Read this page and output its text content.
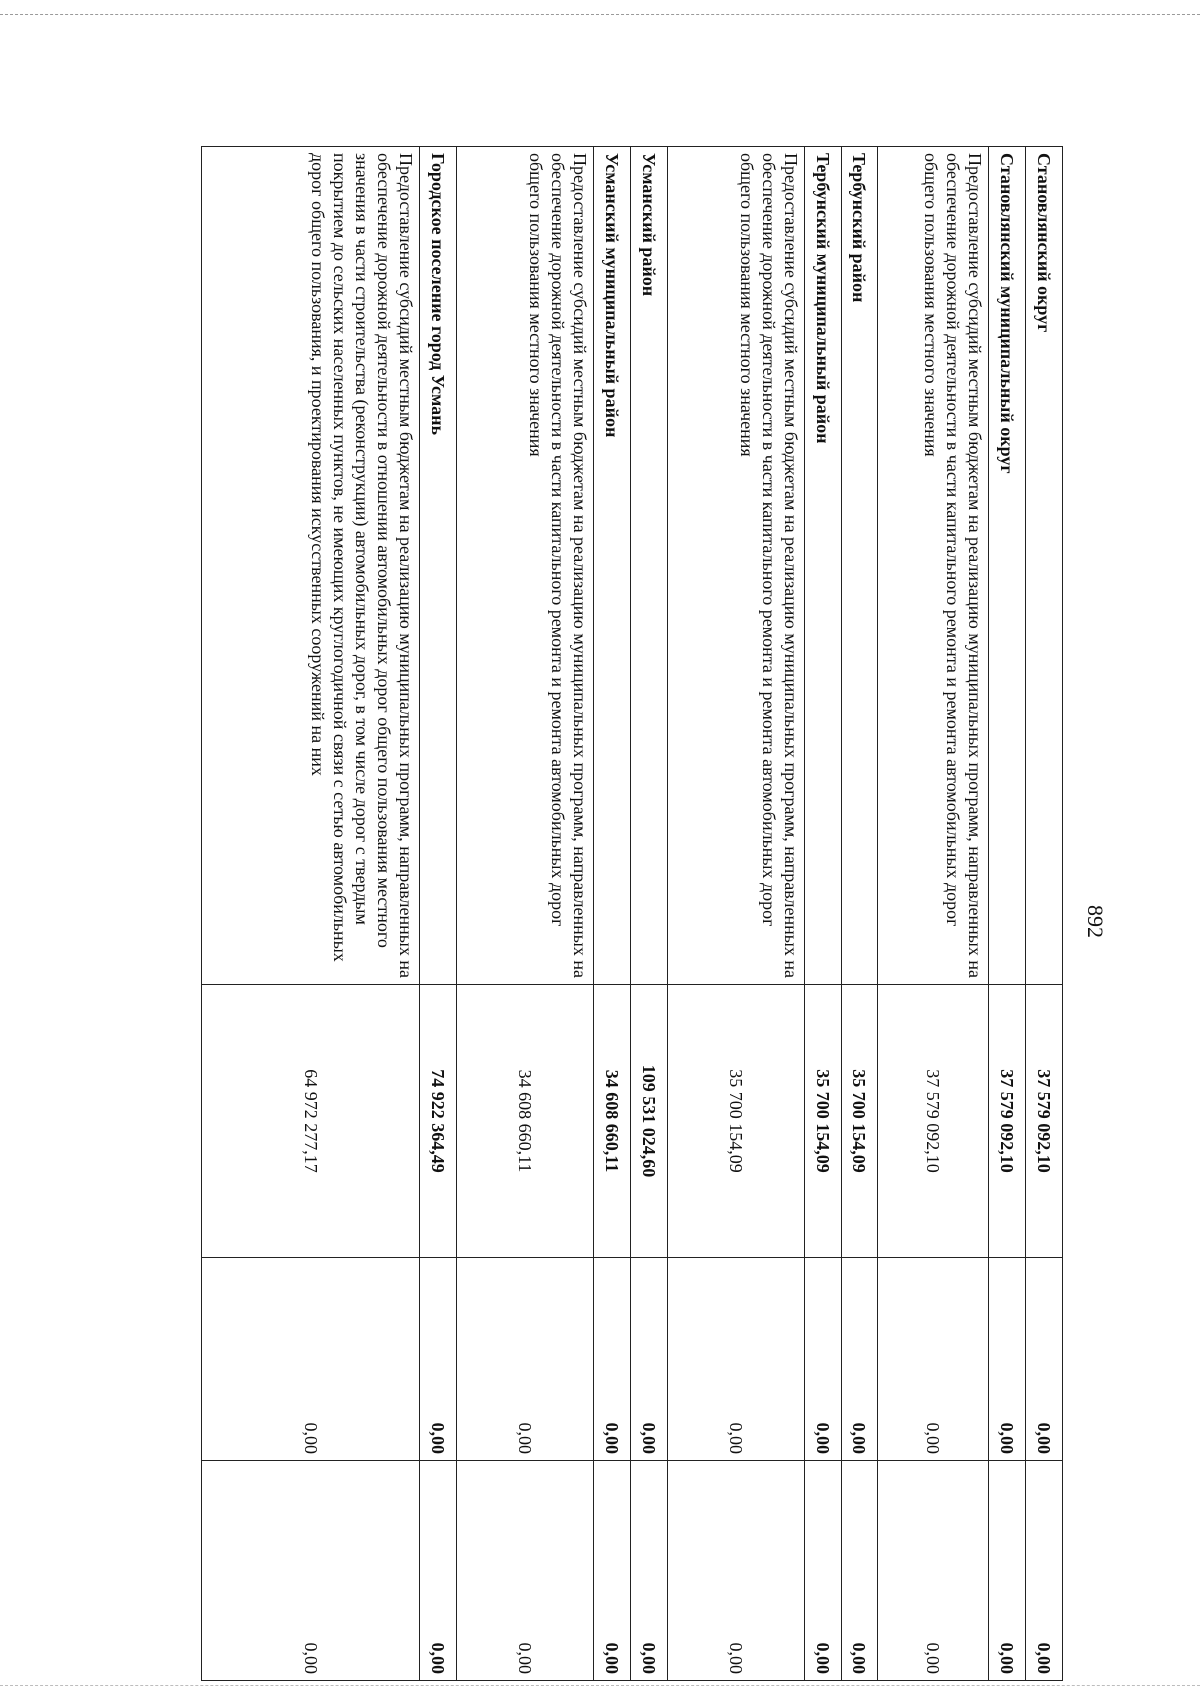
892
Становлянский округ	37 579 092,10	0,00	0,00
Становлянский муниципальный округ	37 579 092,10	0,00	0,00
Предоставление субсидий местным бюджетам на реализацию муниципальных программ, направленных на обеспечение дорожной деятельности в части капитального ремонта и ремонта автомобильных дорог общего пользования местного значения	37 579 092,10	0,00	0,00
Тербунский район	35 700 154,09	0,00	0,00
Тербунский муниципальный район	35 700 154,09	0,00	0,00
Предоставление субсидий местным бюджетам на реализацию муниципальных программ, направленных на обеспечение дорожной деятельности в части капитального ремонта и ремонта автомобильных дорог общего пользования местного значения	35 700 154,09	0,00	0,00
Усманский район	109 531 024,60	0,00	0,00
Усманский муниципальный район	34 608 660,11	0,00	0,00
Предоставление субсидий местным бюджетам на реализацию муниципальных программ, направленных на обеспечение дорожной деятельности в части капитального ремонта и ремонта автомобильных дорог общего пользования местного значения	34 608 660,11	0,00	0,00
Городское поселение город Усмань	74 922 364,49	0,00	0,00
Предоставление субсидий местным бюджетам на реализацию муниципальных программ, направленных на обеспечение дорожной деятельности в отношении автомобильных дорог общего пользования местного значения в части строительства (реконструкции) автомобильных дорог, в том числе дорог с твердым покрытием до сельских населенных пунктов, не имеющих круглогодичной связи с сетью автомобильных дорог общего пользования, и проектирования искусственных сооружений на них	64 972 277,17	0,00	0,00
